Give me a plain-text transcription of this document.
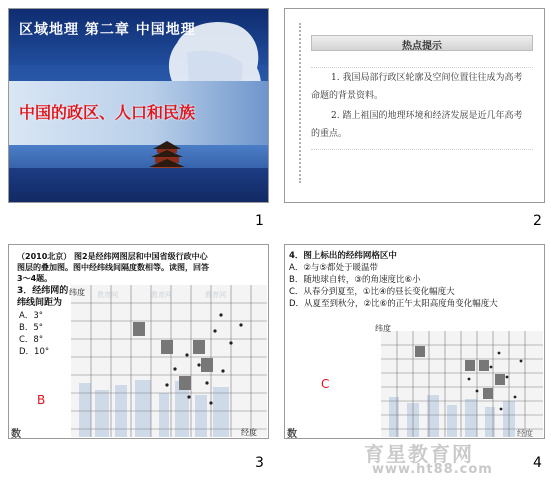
区域地理 第二章 中国地理
中国的政区、人口和民族
1
热点提示
1. 我国局部行政区轮廓及空间位置往往成为高考命题的背景资料。
2. 踏上祖国的地理环境和经济发展是近几年高考的重点。
2
（2010北京） 图2是经纬网图层和中国省级行政中心
图层的叠加图。图中经纬线间隔度数相等。读图，回答
3～4题。
3．经纬网的
纬线间距为
A．3°
B．5°
C．8°
D．10°
B
教育网	教育网	教育网
纬度
经度
数
3
4．图上标出的经纬网格区中
A．②与⑤都处于暖温带
B．随地球自转，③的角速度比⑥小
C．从春分到夏至，①比④的昼长变化幅度大
D．从夏至到秋分，②比⑥的正午太阳高度角变化幅度大
C
纬度
经度
数
4
育星教育网
www.ht88.com
